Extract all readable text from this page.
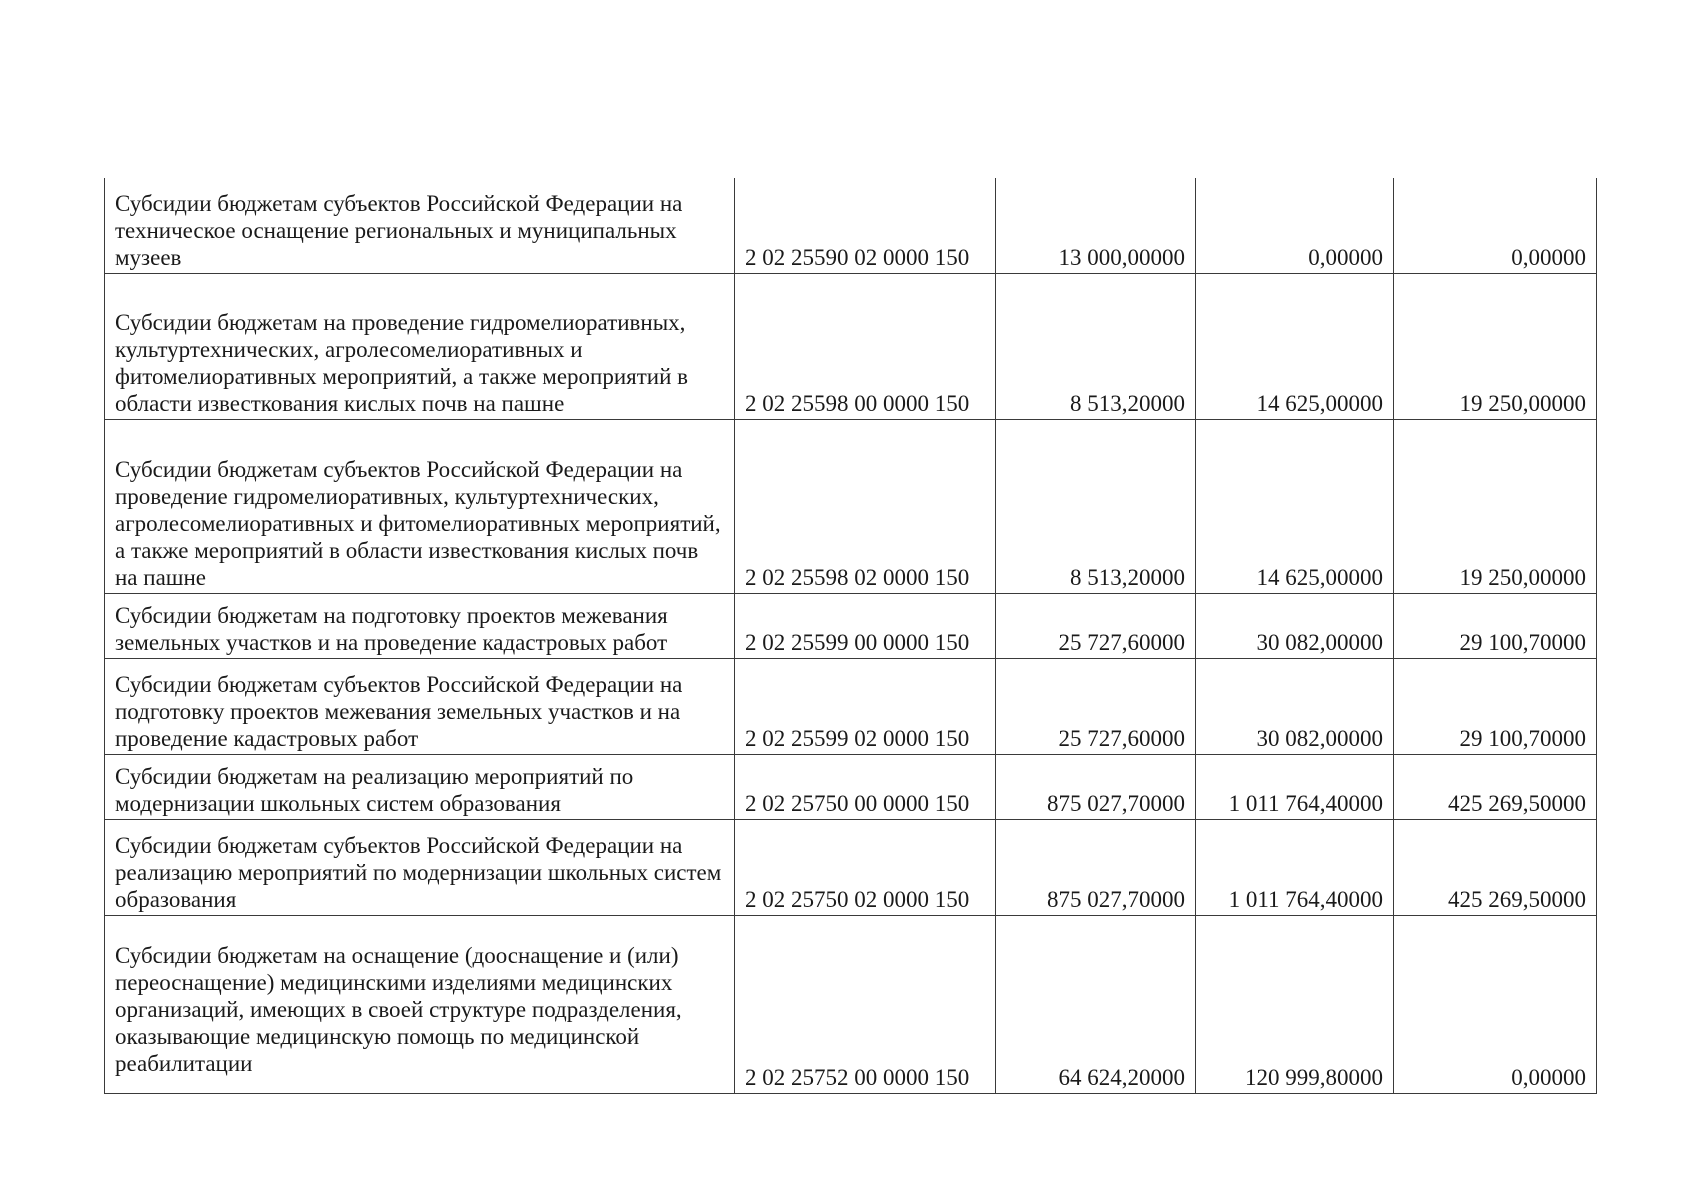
Субсидии бюджетам субъектов Российской Федерации на техническое оснащение региональных и муниципальных музеев	2 02 25590 02 0000 150	13 000,00000	0,00000	0,00000
Субсидии бюджетам на проведение гидромелиоративных, культуртехнических, агролесомелиоративных и фитомелиоративных мероприятий, а также мероприятий в области известкования кислых почв на пашне	2 02 25598 00 0000 150	8 513,20000	14 625,00000	19 250,00000
Субсидии бюджетам субъектов Российской Федерации на проведение гидромелиоративных, культуртехнических, агролесомелиоративных и фитомелиоративных мероприятий, а также мероприятий в области известкования кислых почв на пашне	2 02 25598 02 0000 150	8 513,20000	14 625,00000	19 250,00000
Субсидии бюджетам на подготовку проектов межевания земельных участков и на проведение кадастровых работ	2 02 25599 00 0000 150	25 727,60000	30 082,00000	29 100,70000
Субсидии бюджетам субъектов Российской Федерации на подготовку проектов межевания земельных участков и на проведение кадастровых работ	2 02 25599 02 0000 150	25 727,60000	30 082,00000	29 100,70000
Субсидии бюджетам на реализацию мероприятий по модернизации школьных систем образования	2 02 25750 00 0000 150	875 027,70000	1 011 764,40000	425 269,50000
Субсидии бюджетам субъектов Российской Федерации на реализацию мероприятий по модернизации школьных систем образования	2 02 25750 02 0000 150	875 027,70000	1 011 764,40000	425 269,50000
Субсидии бюджетам на оснащение (дооснащение и (или) переоснащение) медицинскими изделиями медицинских организаций, имеющих в своей структуре подразделения, оказывающие медицинскую помощь по медицинской реабилитации	2 02 25752 00 0000 150	64 624,20000	120 999,80000	0,00000
